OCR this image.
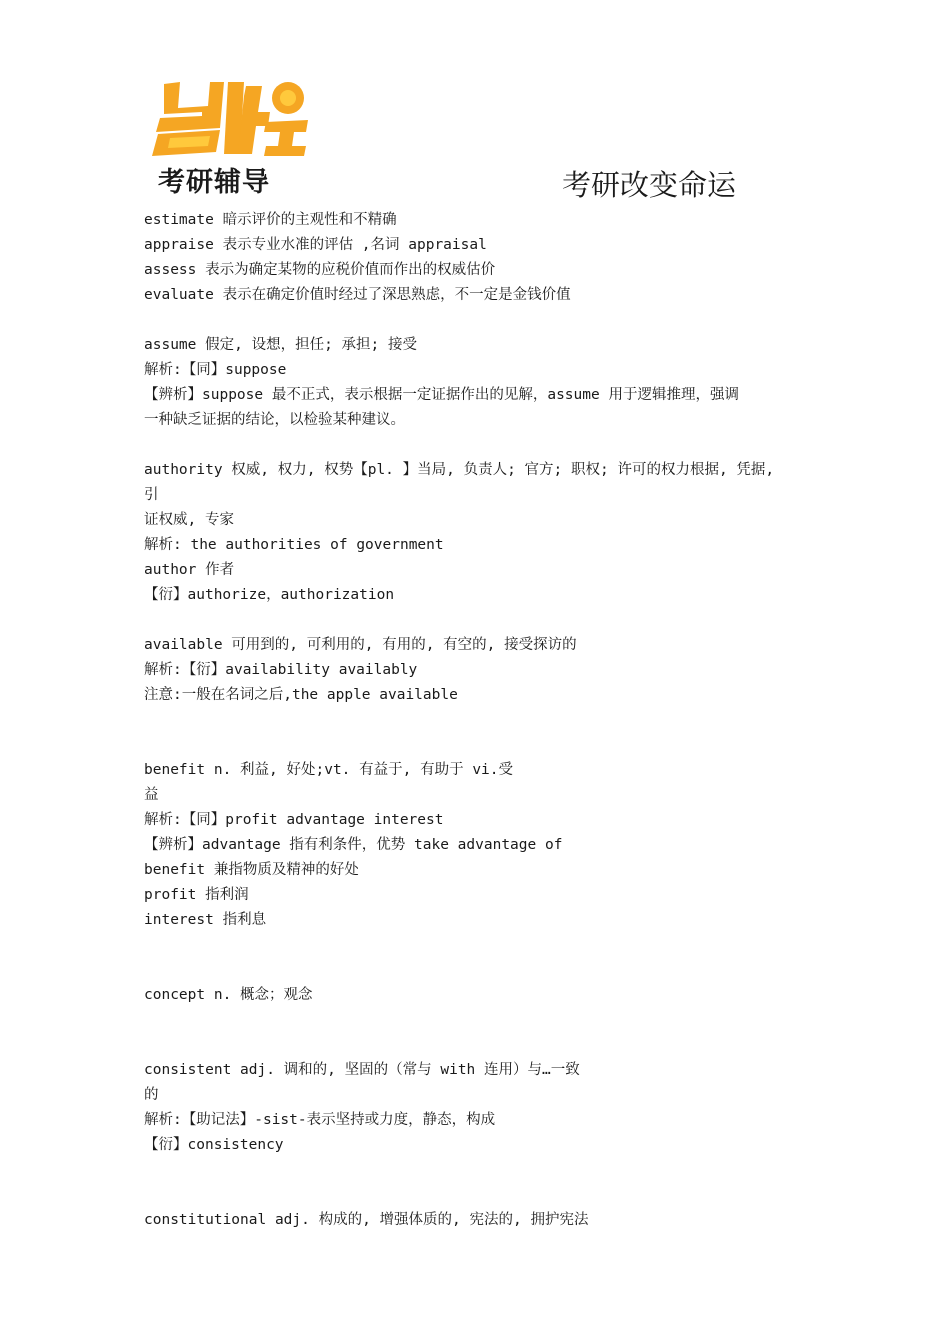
考研辅导	考研改变命运
estimate 暗示评价的主观性和不精确
appraise 表示专业水准的评估 ,名词 appraisal
assess 表示为确定某物的应税价值而作出的权威估价
evaluate 表示在确定价值时经过了深思熟虑，不一定是金钱价值
assume 假定, 设想，担任; 承担; 接受
解析:【同】suppose
【辨析】suppose 最不正式，表示根据一定证据作出的见解，assume 用于逻辑推理，强调
一种缺乏证据的结论，以检验某种建议。
authority 权威, 权力, 权势【pl. 】当局, 负责人; 官方; 职权; 许可的权力根据, 凭据,
引
证权威, 专家
解析: the authorities of government
author 作者
【衍】authorize，authorization
available 可用到的, 可利用的, 有用的, 有空的, 接受探访的
解析:【衍】availability availably
注意:一般在名词之后,the apple available
benefit n. 利益, 好处;vt. 有益于, 有助于 vi.受
益
解析:【同】profit advantage interest
【辨析】advantage 指有利条件，优势 take advantage of
benefit 兼指物质及精神的好处
profit 指利润
interest 指利息
concept n. 概念；观念
consistent adj. 调和的, 坚固的（常与 with 连用）与…一致
的
解析:【助记法】-sist-表示坚持或力度，静态，构成
【衍】consistency
constitutional adj. 构成的, 增强体质的, 宪法的, 拥护宪法
